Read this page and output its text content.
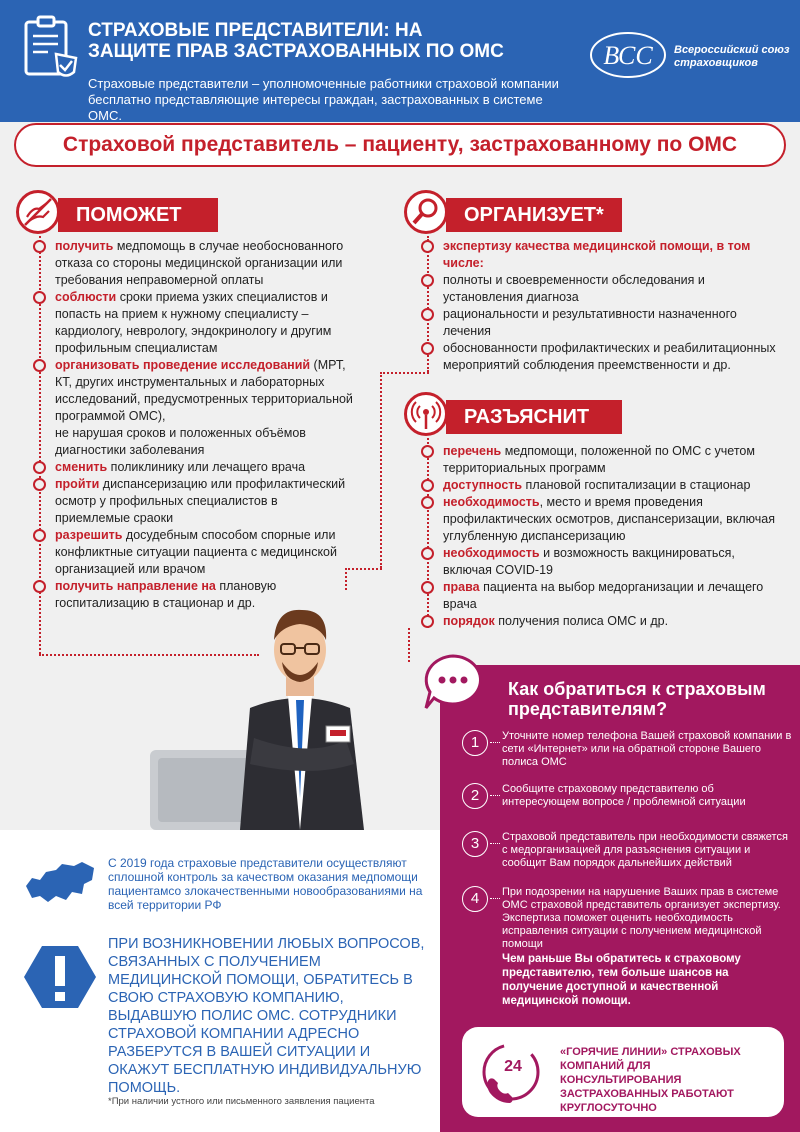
СТРАХОВЫЕ ПРЕДСТАВИТЕЛИ: НА ЗАЩИТЕ ПРАВ ЗАСТРАХОВАННЫХ ПО ОМС
Страховые представители – уполномоченные работники страховой компании бесплатно представляющие интересы граждан, застрахованных в системе ОМС.
ВСС Всероссийский союз страховщиков
Страховой представитель – пациенту, застрахованному по ОМС
ПОМОЖЕТ
получить медпомощь в случае необоснованного отказа со стороны медицинской организации или требования неправомерной оплаты
соблюсти сроки приема узких специалистов и попасть на прием к нужному специалисту – кардиологу, неврологу, эндокринологу и другим профильным специалистам
организовать проведение исследований (МРТ, КТ, других инструментальных и лабораторных исследований, предусмотренных территориальной программой ОМС),
не нарушая сроков и положенных объёмов диагностики заболевания
сменить поликлинику или лечащего врача
пройти диспансеризацию или профилактический осмотр у профильных специалистов в приемлемые сраоки
разрешить досудебным способом спорные или конфликтные ситуации пациента с медицинской организацией или врачом
получить направление на плановую госпитализацию в стационар и др.
ОРГАНИЗУЕТ*
экспертизу качества медицинской помощи, в том числе:
полноты и своевременности обследования и установления диагноза
рациональности и результативности назначенного лечения
обоснованности профилактических и реабилитационных мероприятий соблюдения преемственности и др.
РАЗЪЯСНИТ
перечень медпомощи, положенной по ОМС с учетом территориальных программ
доступность плановой госпитализации в стационар
необходимость, место и время проведения профилактических осмотров, диспансеризации, включая углубленную диспансеризацию
необходимость и возможность вакцинироваться, включая COVID-19
права пациента на выбор медорганизации и лечащего врача
порядок получения полиса ОМС и др.
С 2019 года страховые представители осуществляют сплошной контроль за качеством оказания медпомощи пациентамсо злокачественными новообразованиями на всей территории РФ
ПРИ ВОЗНИКНОВЕНИИ ЛЮБЫХ ВОПРОСОВ, СВЯЗАННЫХ С ПОЛУЧЕНИЕМ МЕДИЦИНСКОЙ ПОМОЩИ, ОБРАТИТЕСЬ В СВОЮ СТРАХОВУЮ КОМПАНИЮ, ВЫДАВШУЮ ПОЛИС ОМС. СОТРУДНИКИ СТРАХОВОЙ КОМПАНИИ АДРЕСНО РАЗБЕРУТСЯ В ВАШЕЙ СИТУАЦИИ И ОКАЖУТ БЕСПЛАТНУЮ ИНДИВИДУАЛЬНУЮ ПОМОЩЬ.
*При наличии устного или письменного заявления пациента
Как обратиться к страховым представителям?
1	Уточните номер телефона Вашей страховой компании в сети «Интернет» или на обратной стороне Вашего полиса ОМС
2	Сообщите страховому представителю об интересующем вопросе / проблемной ситуации
3	Страховой представитель при необходимости свяжется с медорганизацией для разъяснения ситуации и сообщит Вам порядок дальнейших действий
4	При подозрении на нарушение Ваших прав в системе ОМС страховой представитель организует экспертизу. Экспертиза поможет оценить необходимость исправления ситуации с получением медицинской помощи
Чем раньше Вы обратитесь к страховому представителю, тем больше шансов на получение доступной и качественной медицинской помощи.
24
«ГОРЯЧИЕ ЛИНИИ» СТРАХОВЫХ КОМПАНИЙ ДЛЯ КОНСУЛЬТИРОВАНИЯ ЗАСТРАХОВАННЫХ РАБОТАЮТ КРУГЛОСУТОЧНО
